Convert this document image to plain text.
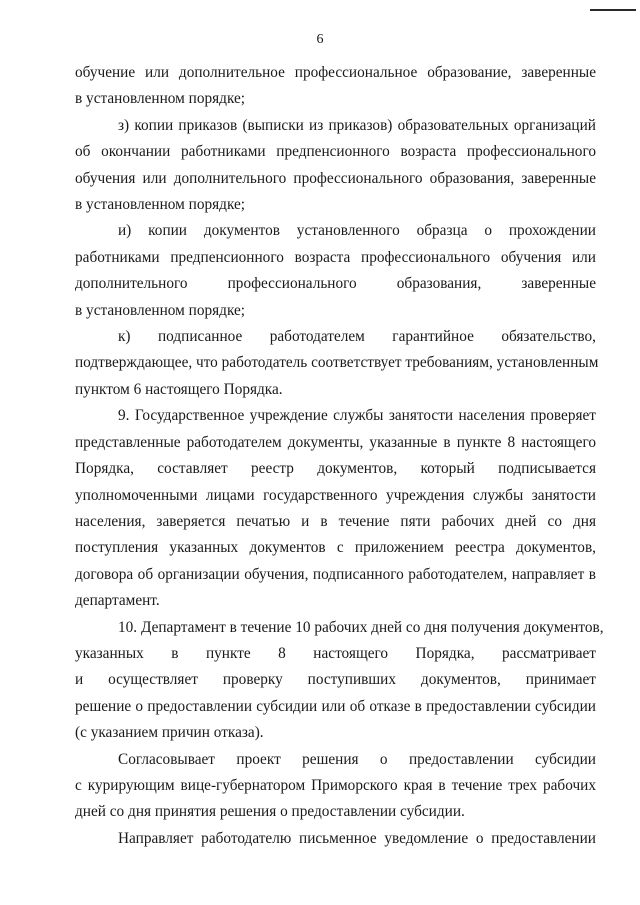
6
обучение или дополнительное профессиональное образование, заверенные
в установленном порядке;
з) копии приказов (выписки из приказов) образовательных организаций
об окончании работниками предпенсионного возраста профессионального
обучения или дополнительного профессионального образования, заверенные
в установленном порядке;
и) копии документов установленного образца о прохождении
работниками предпенсионного возраста профессионального обучения или
дополнительного профессионального образования, заверенные
в установленном порядке;
к) подписанное работодателем гарантийное обязательство,
подтверждающее, что работодатель соответствует требованиям, установленным
пунктом 6 настоящего Порядка.
9. Государственное учреждение службы занятости населения проверяет
представленные работодателем документы, указанные в пункте 8 настоящего
Порядка, составляет реестр документов, который подписывается
уполномоченными лицами государственного учреждения службы занятости
населения, заверяется печатью и в течение пяти рабочих дней со дня
поступления указанных документов с приложением реестра документов,
договора об организации обучения, подписанного работодателем, направляет в
департамент.
10. Департамент в течение 10 рабочих дней со дня получения документов,
указанных в пункте 8 настоящего Порядка, рассматривает
и осуществляет проверку поступивших документов, принимает
решение о предоставлении субсидии или об отказе в предоставлении субсидии
(с указанием причин отказа).
Согласовывает проект решения о предоставлении субсидии
с курирующим вице-губернатором Приморского края в течение трех рабочих
дней со дня принятия решения о предоставлении субсидии.
Направляет работодателю письменное уведомление о предоставлении
